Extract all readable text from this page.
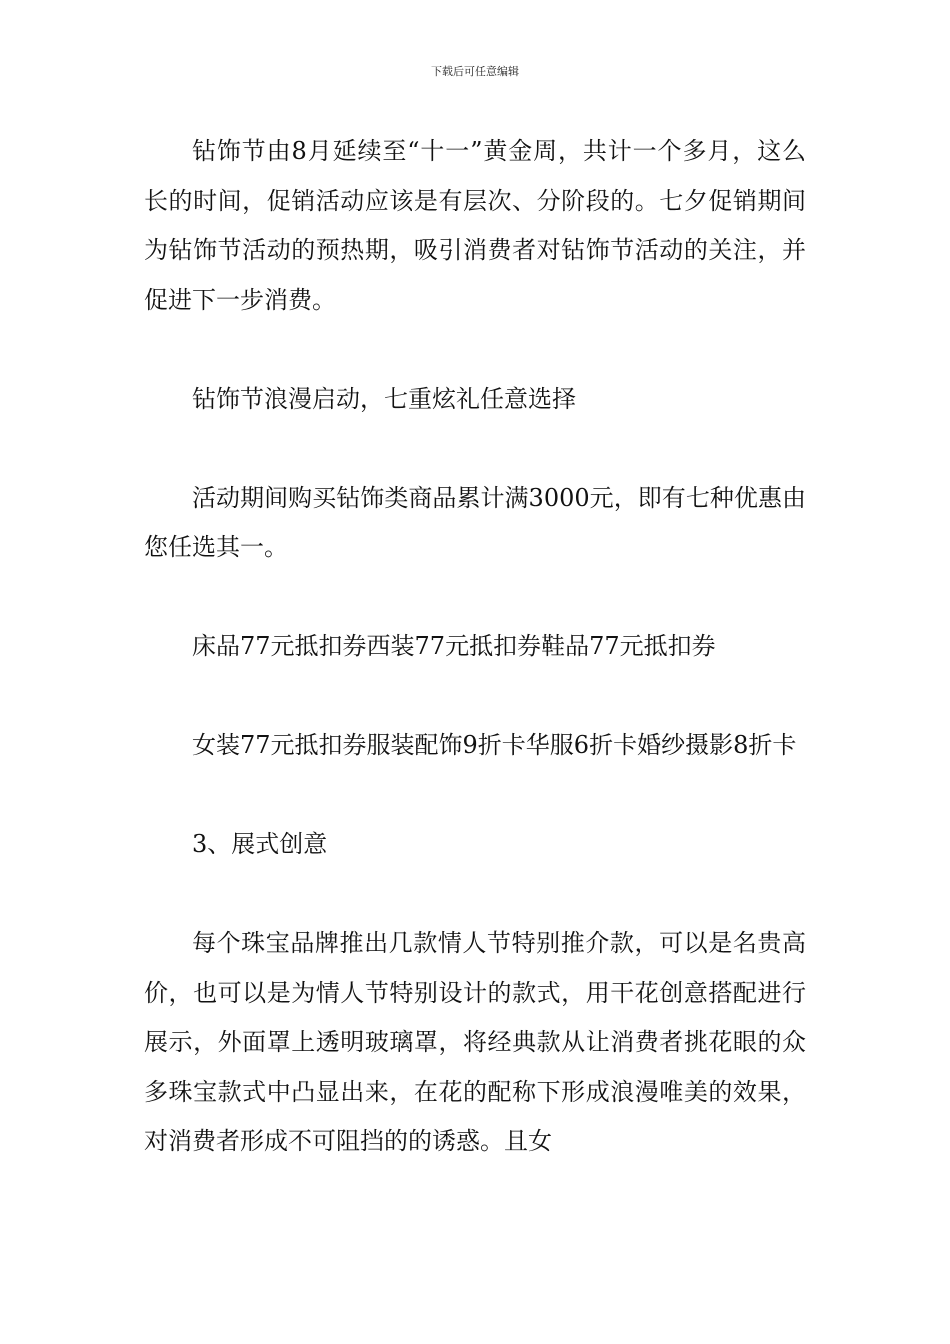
下载后可任意编辑

钻饰节由8月延续至“十一”黄金周，共计一个多月，这么长的时间，促销活动应该是有层次、分阶段的。七夕促销期间为钻饰节活动的预热期，吸引消费者对钻饰节活动的关注，并促进下一步消费。

钻饰节浪漫启动，七重炫礼任意选择

活动期间购买钻饰类商品累计满3000元，即有七种优惠由您任选其一。

床品77元抵扣券西装77元抵扣券鞋品77元抵扣券

女装77元抵扣券服装配饰9折卡华服6折卡婚纱摄影8折卡

3、展式创意

每个珠宝品牌推出几款情人节特别推介款，可以是名贵高价，也可以是为情人节特别设计的款式，用干花创意搭配进行展示，外面罩上透明玻璃罩，将经典款从让消费者挑花眼的众多珠宝款式中凸显出来，在花的配称下形成浪漫唯美的效果，对消费者形成不可阻挡的的诱惑。且女
